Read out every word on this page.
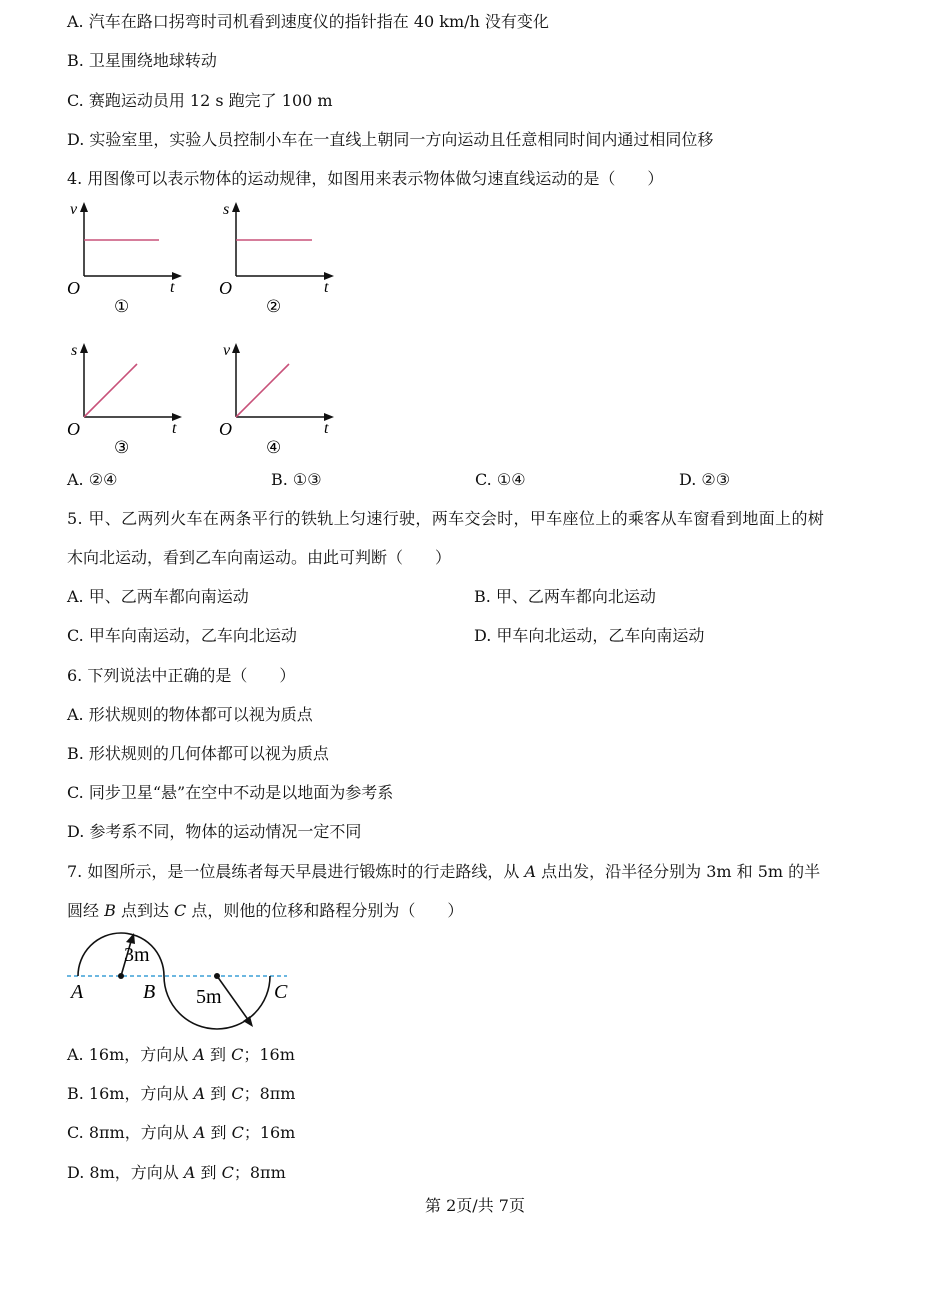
A. 汽车在路口拐弯时司机看到速度仪的指针指在 40 km/h 没有变化
B. 卫星围绕地球转动
C. 赛跑运动员用 12 s 跑完了 100 m
D. 实验室里，实验人员控制小车在一直线上朝同一方向运动且任意相同时间内通过相同位移
4. 用图像可以表示物体的运动规律，如图用来表示物体做匀速直线运动的是（　　）
v
t
O
①
s
t
O
②
s
t
O
③
v
t
O
④
A. ②④	B. ①③	C. ①④	D. ②③
5. 甲、乙两列火车在两条平行的铁轨上匀速行驶，两车交会时，甲车座位上的乘客从车窗看到地面上的树
木向北运动，看到乙车向南运动。由此可判断（　　）
A. 甲、乙两车都向南运动	B. 甲、乙两车都向北运动
C. 甲车向南运动，乙车向北运动	D. 甲车向北运动，乙车向南运动
6. 下列说法中正确的是（　　）
A. 形状规则的物体都可以视为质点
B. 形状规则的几何体都可以视为质点
C. 同步卫星“悬”在空中不动是以地面为参考系
D. 参考系不同，物体的运动情况一定不同
7. 如图所示，是一位晨练者每天早晨进行锻炼时的行走路线，从 A 点出发，沿半径分别为 3m 和 5m 的半
圆经 B 点到达 C 点，则他的位移和路程分别为（　　）
3m
5m
A	B	C
A. 16m，方向从 A 到 C；16m
B. 16m，方向从 A 到 C；8πm
C. 8πm，方向从 A 到 C；16m
D. 8m，方向从 A 到 C；8πm
第 2页/共 7页
